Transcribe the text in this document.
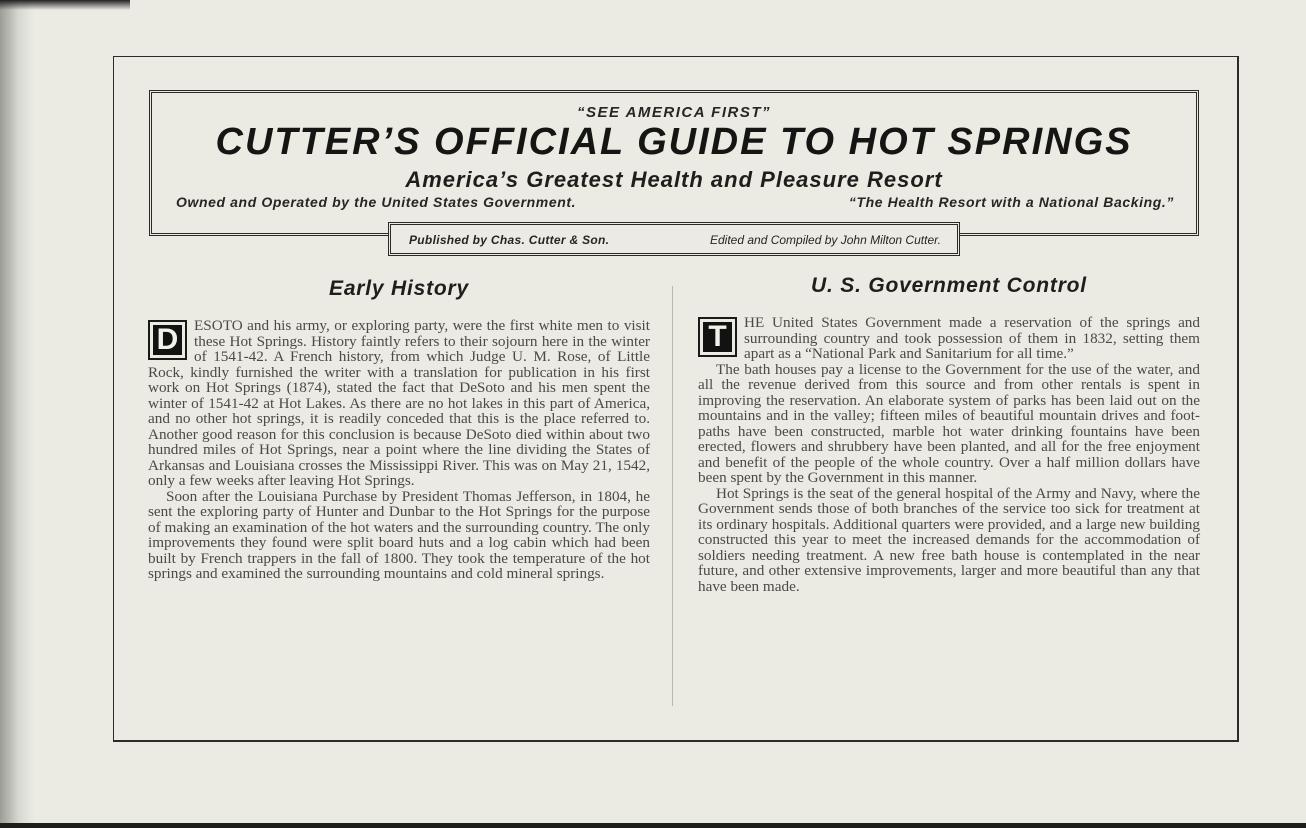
“SEE AMERICA FIRST”
CUTTER’S OFFICIAL GUIDE TO HOT SPRINGS
America’s Greatest Health and Pleasure Resort
Owned and Operated by the United States Government.	“The Health Resort with a National Backing.”
Published by Chas. Cutter & Son.	Edited and Compiled by John Milton Cutter.
Early History

D ESOTO and his army, or exploring party, were the first white men to visit these Hot Springs. History faintly refers to their sojourn here in the winter of 1541-42. A French history, from which Judge U. M. Rose, of Little Rock, kindly furnished the writer with a translation for publication in his first work on Hot Springs (1874), stated the fact that DeSoto and his men spent the winter of 1541-42 at Hot Lakes. As there are no hot lakes in this part of America, and no other hot springs, it is readily conceded that this is the place referred to. Another good reason for this conclusion is because DeSoto died within about two hundred miles of Hot Springs, near a point where the line dividing the States of Arkansas and Louisiana crosses the Mississippi River. This was on May 21, 1542, only a few weeks after leaving Hot Springs.

Soon after the Louisiana Purchase by President Thomas Jefferson, in 1804, he sent the exploring party of Hunter and Dunbar to the Hot Springs for the purpose of making an examination of the hot waters and the surrounding country. The only improvements they found were split board huts and a log cabin which had been built by French trappers in the fall of 1800. They took the temperature of the hot springs and examined the surrounding mountains and cold mineral springs.

U. S. Government Control

T	HE United States Government made a reservation of the springs and surrounding country and took possession of them in 1832, setting them apart as a “National Park and Sanitarium for all time.”

The bath houses pay a license to the Government for the use of the water, and all the revenue derived from this source and from other rentals is spent in improving the reservation. An elaborate system of parks has been laid out on the mountains and in the valley; fifteen miles of beautiful mountain drives and foot-paths have been constructed, marble hot water drinking fountains have been erected, flowers and shrubbery have been planted, and all for the free enjoyment and benefit of the people of the whole country. Over a half million dollars have been spent by the Government in this manner.

Hot Springs is the seat of the general hospital of the Army and Navy, where the Government sends those of both branches of the service too sick for treatment at its ordinary hospitals. Additional quarters were provided, and a large new building constructed this year to meet the increased demands for the accommodation of soldiers needing treatment. A new free bath house is contemplated in the near future, and other extensive improvements, larger and more beautiful than any that have been made.
